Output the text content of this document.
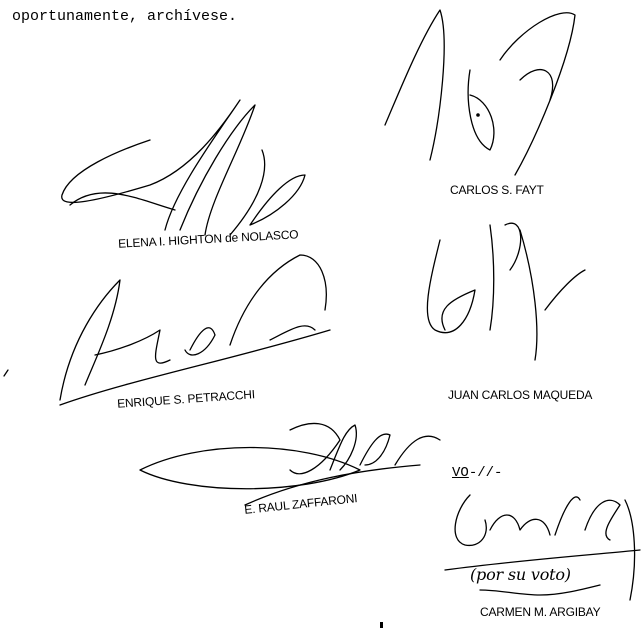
oportunamente, archívese.
ELENA I. HIGHTON de NOLASCO
CARLOS S. FAYT
JUAN CARLOS MAQUEDA
ENRIQUE S. PETRACCHI
E. RAUL ZAFFARONI
VO-//-
(por su voto)
CARMEN M. ARGIBAY
